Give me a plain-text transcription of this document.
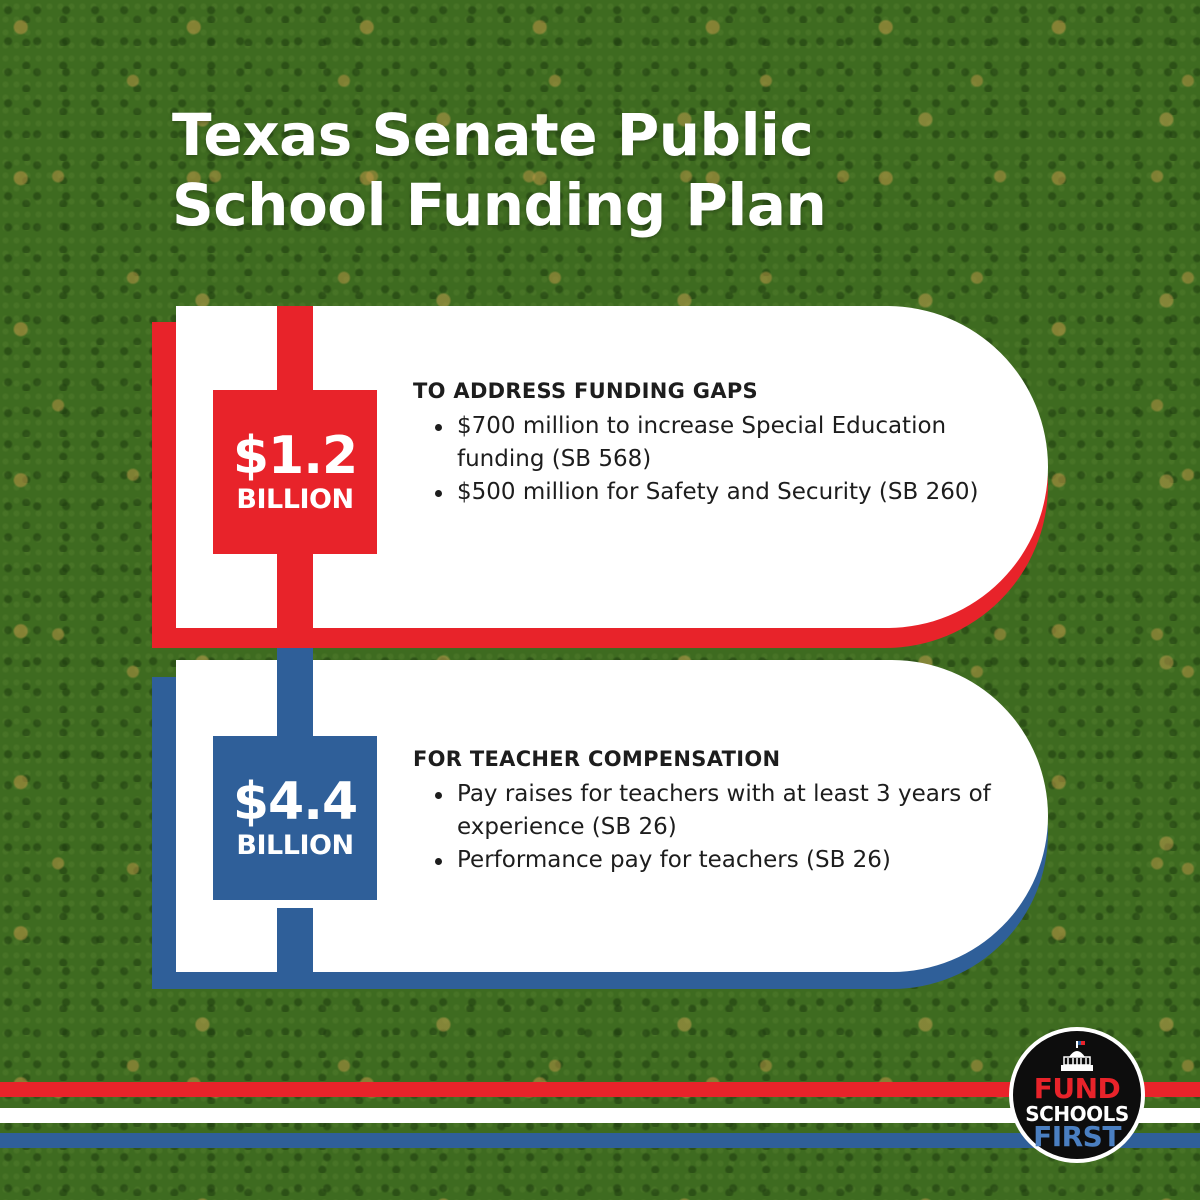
Texas Senate Public
School Funding Plan
$1.2
BILLION
TO ADDRESS FUNDING GAPS
$700 million to increase Special Education funding (SB 568)
$500 million for Safety and Security (SB 260)
$4.4
BILLION
FOR TEACHER COMPENSATION
Pay raises for teachers with at least 3 years of experience (SB 26)
Performance pay for teachers (SB 26)
FUND
SCHOOLS
FIRST
